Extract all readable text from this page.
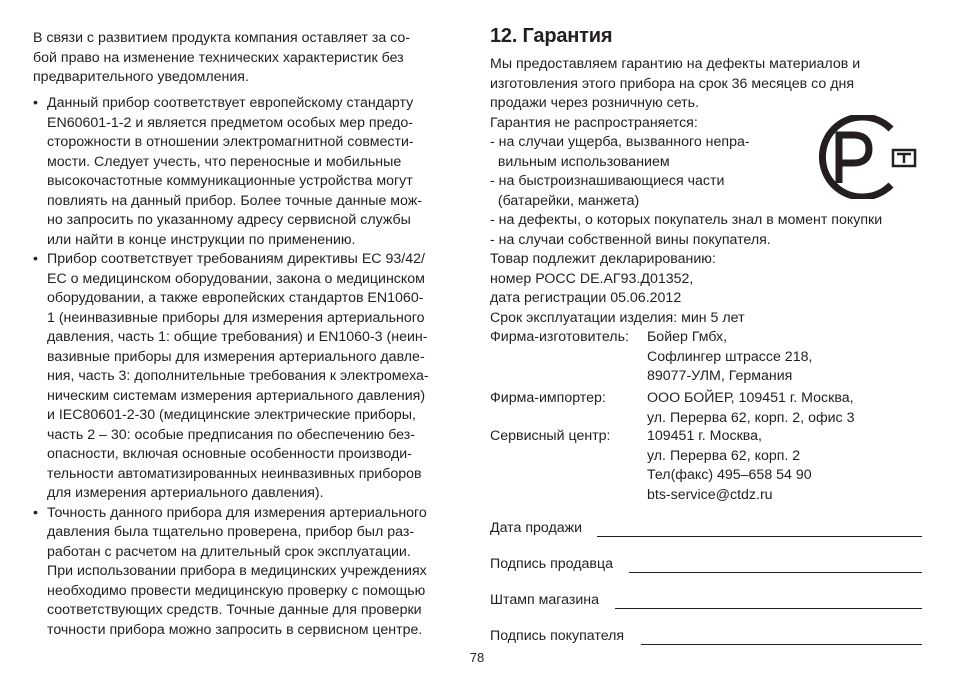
В связи с развитием продукта компания оставляет за со-
бой право на изменение технических характеристик без
предварительного уведомления.
• Данный прибор соответствует европейскому стандарту
EN60601-1-2 и является предметом особых мер предо-
сторожности в отношении электромагнитной совмести-
мости. Следует учесть, что переносные и мобильные
высокочастотные коммуникационные устройства могут
повлиять на данный прибор. Более точные данные мож-
но запросить по указанному адресу сервисной службы
или найти в конце инструкции по применению.
• Прибор соответствует требованиям директивы ЕС 93/42/
ЕС о медицинском оборудовании, закона о медицинском
оборудовании, а также европейских стандартов EN1060-
1 (неинвазивные приборы для измерения артериального
давления, часть 1: общие требования) и EN1060-3 (неин-
вазивные приборы для измерения артериального давле-
ния, часть 3: дополнительные требования к электромеха-
ническим системам измерения артериального давления)
и IEC80601-2-30 (медицинские электрические приборы,
часть 2 – 30: особые предписания по обеспечению без-
опасности, включая основные особенности производи-
тельности автоматизированных неинвазивных приборов
для измерения артериального давления).
• Точность данного прибора для измерения артериального
давления была тщательно проверена, прибор был раз-
работан с расчетом на длительный срок эксплуатации.
При использовании прибора в медицинских учреждениях
необходимо провести медицинскую проверку с помощью
соответствующих средств. Точные данные для проверки
точности прибора можно запросить в сервисном центре.
12. Гарантия
Мы предоставляем гарантию на дефекты материалов и
изготовления этого прибора на срок 36 месяцев со дня
продажи через розничную сеть.
Гарантия не распространяется:
- на случаи ущерба, вызванного непра-
вильным использованием
- на быстроизнашивающиеся части
(батарейки, манжета)
- на дефекты, о которых покупатель знал в момент покупки
- на случаи собственной вины покупателя.
Товар подлежит декларированию:
номер РОСС DE.АГ93.Д01352,
дата регистрации 05.06.2012
Срок эксплуатации изделия: мин 5 лет
Фирма-изготовитель: Бойер Гмбх,
Софлингер штрассе 218,
89077-УЛМ, Германия
Фирма-импортер:	ООО БОЙЕР, 109451 г. Москва,
ул. Перерва 62, корп. 2, офис 3
Сервисный центр:	109451 г. Москва,
ул. Перерва 62, корп. 2
Тел(факс) 495–658 54 90
bts-service@ctdz.ru
Дата продажи
Подпись продавца
Штамп магазина
Подпись покупателя
78
